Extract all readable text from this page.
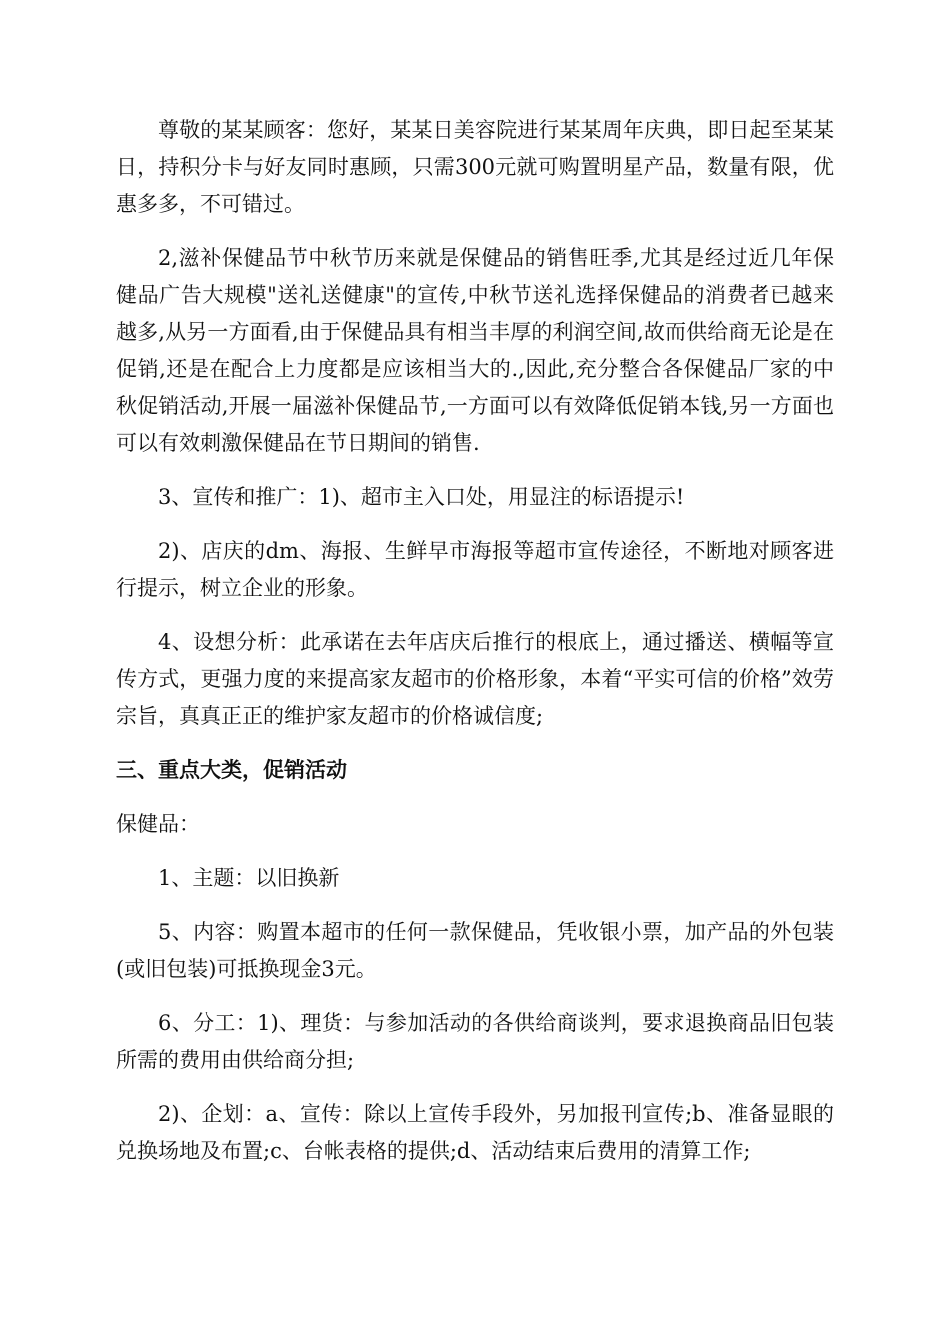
尊敬的某某顾客：您好，某某日美容院进行某某周年庆典，即日起至某某日，持积分卡与好友同时惠顾，只需300元就可购置明星产品，数量有限，优惠多多，不可错过。

2,滋补保健品节中秋节历来就是保健品的销售旺季,尤其是经过近几年保健品广告大规模"送礼送健康"的宣传,中秋节送礼选择保健品的消费者已越来越多,从另一方面看,由于保健品具有相当丰厚的利润空间,故而供给商无论是在促销,还是在配合上力度都是应该相当大的.,因此,充分整合各保健品厂家的中秋促销活动,开展一届滋补保健品节,一方面可以有效降低促销本钱,另一方面也可以有效刺激保健品在节日期间的销售.

3、宣传和推广：1)、超市主入口处，用显注的标语提示!

2)、店庆的dm、海报、生鲜早市海报等超市宣传途径，不断地对顾客进行提示，树立企业的形象。

4、设想分析：此承诺在去年店庆后推行的根底上，通过播送、横幅等宣传方式，更强力度的来提高家友超市的价格形象，本着“平实可信的价格”效劳宗旨，真真正正的维护家友超市的价格诚信度;

三、重点大类，促销活动

保健品：

1、主题：以旧换新

5、内容：购置本超市的任何一款保健品，凭收银小票，加产品的外包装(或旧包装)可抵换现金3元。

6、分工：1)、理货：与参加活动的各供给商谈判，要求退换商品旧包装所需的费用由供给商分担;

2)、企划：a、宣传：除以上宣传手段外，另加报刊宣传;b、准备显眼的兑换场地及布置;c、台帐表格的提供;d、活动结束后费用的清算工作;
